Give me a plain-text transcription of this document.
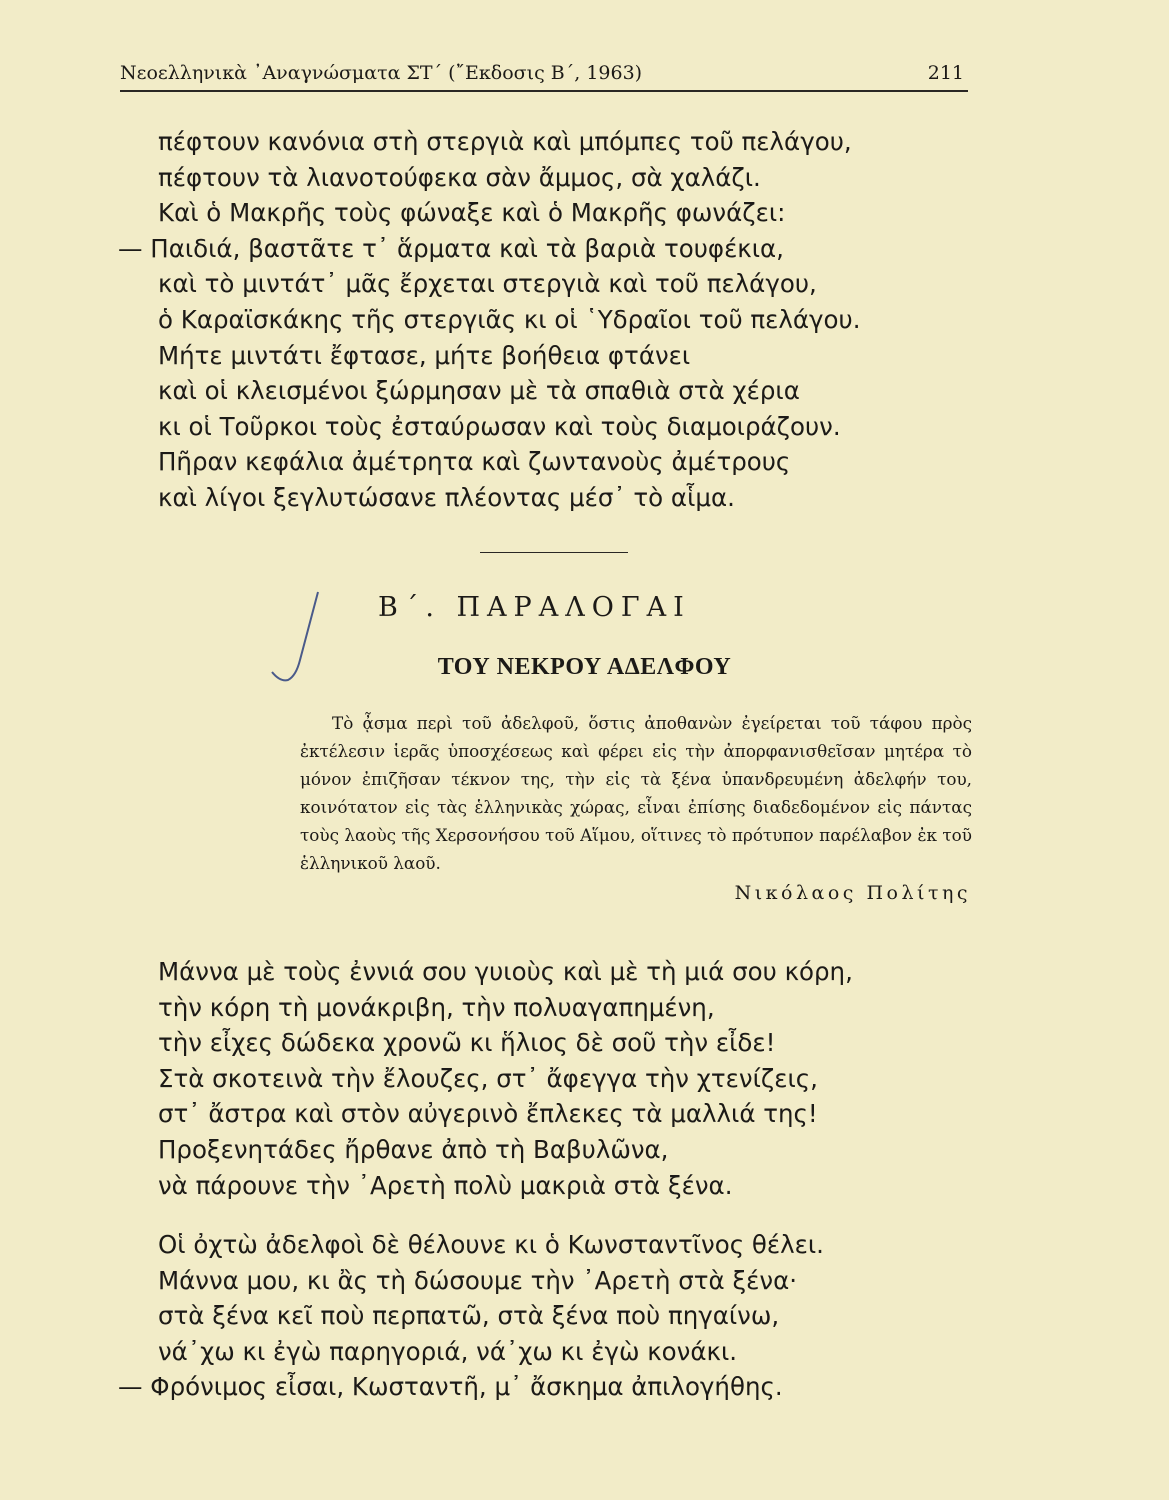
Νεοελληνικὰ ᾿Αναγνώσματα ΣΤ΄ (῎Εκδοσις Β΄, 1963)	211
πέφτουν κανόνια στὴ στεργιὰ καὶ μπόμπες τοῦ πελάγου,
πέφτουν τὰ λιανοτούφεκα σὰν ἄμμος, σὰ χαλάζι.
Καὶ ὁ Μακρῆς τοὺς φώναξε καὶ ὁ Μακρῆς φωνάζει:
— Παιδιά, βαστᾶτε τ᾿ ἅρματα καὶ τὰ βαριὰ τουφέκια,
καὶ τὸ μιντάτ᾿ μᾶς ἔρχεται στεργιὰ καὶ τοῦ πελάγου,
ὁ Καραϊσκάκης τῆς στεργιᾶς κι οἱ ῾Υδραῖοι τοῦ πελάγου.
Μήτε μιντάτι ἔφτασε, μήτε βοήθεια φτάνει
καὶ οἱ κλεισμένοι ξώρμησαν μὲ τὰ σπαθιὰ στὰ χέρια
κι οἱ Τοῦρκοι τοὺς ἐσταύρωσαν καὶ τοὺς διαμοιράζουν.
Πῆραν κεφάλια ἀμέτρητα καὶ ζωντανοὺς ἀμέτρους
καὶ λίγοι ξεγλυτώσανε πλέοντας μέσ᾿ τὸ αἷμα.
Β΄. ΠΑΡΑΛΟΓΑΙ
ΤΟΥ ΝΕΚΡΟΥ ΑΔΕΛΦΟΥ
Τὸ ᾆσμα περὶ τοῦ ἀδελφοῦ, ὅστις ἀποθανὼν ἐγείρεται τοῦ τάφου πρὸς ἐκτέλεσιν ἱερᾶς ὑποσχέσεως καὶ φέρει εἰς τὴν ἀπορφανισθεῖσαν μητέρα τὸ μόνον ἐπιζῆσαν τέκνον της, τὴν εἰς τὰ ξένα ὑπανδρευμένη ἀδελφήν του, κοινότατον εἰς τὰς ἑλληνικὰς χώρας, εἶναι ἐπίσης διαδεδομένον εἰς πάντας τοὺς λαοὺς τῆς Χερσονήσου τοῦ Αἵμου, οἵτινες τὸ πρότυπον παρέλαβον ἐκ τοῦ ἑλληνικοῦ λαοῦ.
Νικόλαος Πολίτης
Μάννα μὲ τοὺς ἐννιά σου γυιοὺς καὶ μὲ τὴ μιά σου κόρη,
τὴν κόρη τὴ μονάκριβη, τὴν πολυαγαπημένη,
τὴν εἶχες δώδεκα χρονῶ κι ἥλιος δὲ σοῦ τὴν εἶδε!
Στὰ σκοτεινὰ τὴν ἔλουζες, στ᾿ ἄφεγγα τὴν χτενίζεις,
στ᾿ ἄστρα καὶ στὸν αὐγερινὸ ἔπλεκες τὰ μαλλιά της!
Προξενητάδες ἤρθανε ἀπὸ τὴ Βαβυλῶνα,
νὰ πάρουνε τὴν ᾿Αρετὴ πολὺ μακριὰ στὰ ξένα.
Οἱ ὀχτὼ ἀδελφοὶ δὲ θέλουνε κι ὁ Κωνσταντῖνος θέλει.
Μάννα μου, κι ἂς τὴ δώσουμε τὴν ᾿Αρετὴ στὰ ξένα·
στὰ ξένα κεῖ ποὺ περπατῶ, στὰ ξένα ποὺ πηγαίνω,
νά᾿χω κι ἐγὼ παρηγοριά, νά᾿χω κι ἐγὼ κονάκι.
— Φρόνιμος εἶσαι, Κωσταντῆ, μ᾿ ἄσκημα ἀπιλογήθης.
